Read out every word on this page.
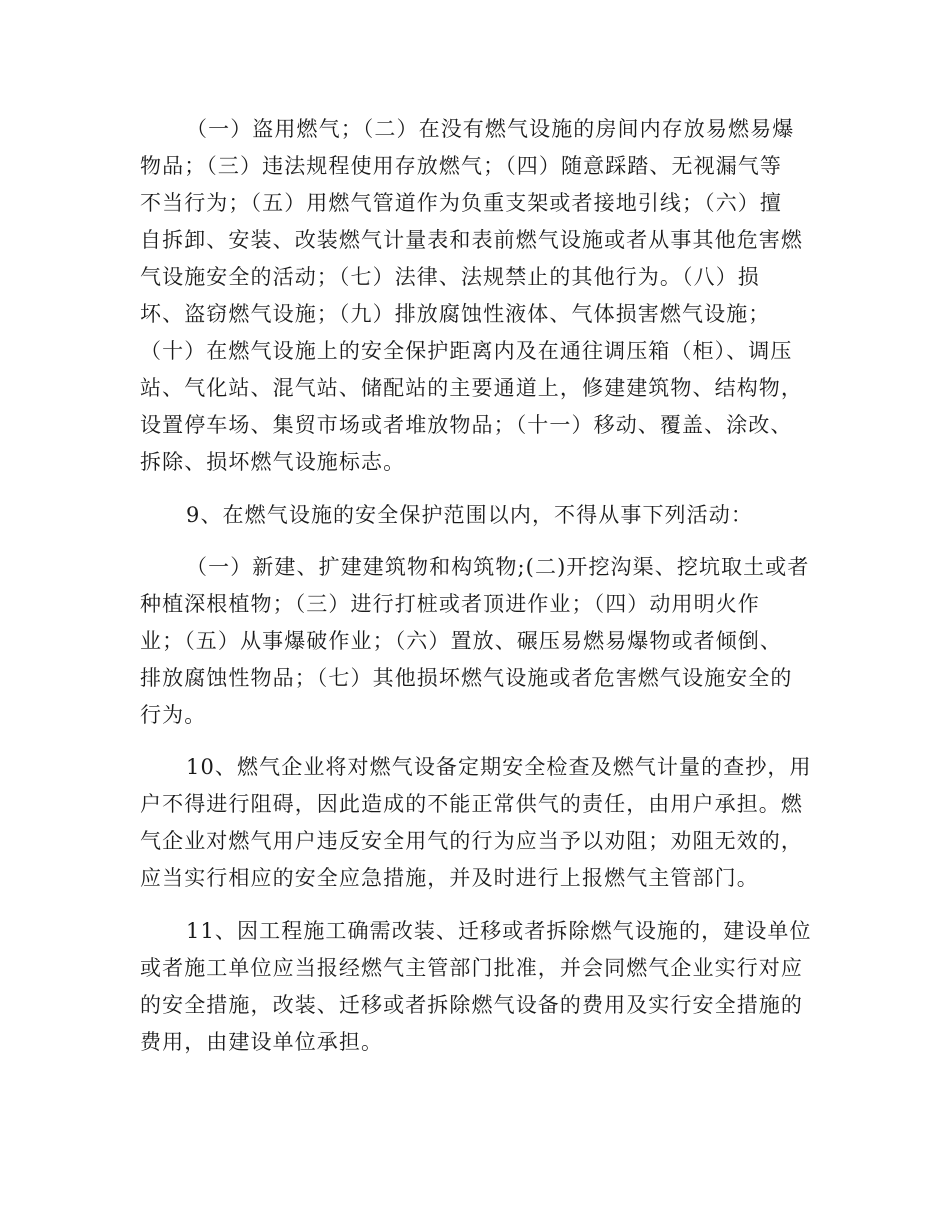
（一）盗用燃气；（二）在没有燃气设施的房间内存放易燃易爆

物品；（三）违法规程使用存放燃气；（四）随意踩踏、无视漏气等

不当行为；（五）用燃气管道作为负重支架或者接地引线；（六）擅

自拆卸、安装、改装燃气计量表和表前燃气设施或者从事其他危害燃

气设施安全的活动；（七）法律、法规禁止的其他行为。（八）损

坏、盗窃燃气设施；（九）排放腐蚀性液体、气体损害燃气设施；

（十）在燃气设施上的安全保护距离内及在通往调压箱（柜）、调压

站、气化站、混气站、储配站的主要通道上，修建建筑物、结构物，

设置停车场、集贸市场或者堆放物品；（十一）移动、覆盖、涂改、

拆除、损坏燃气设施标志。

9、在燃气设施的安全保护范围以内，不得从事下列活动：

（一）新建、扩建建筑物和构筑物;(二)开挖沟渠、挖坑取土或者

种植深根植物；（三）进行打桩或者顶进作业；（四）动用明火作

业；（五）从事爆破作业；（六）置放、碾压易燃易爆物或者倾倒、

排放腐蚀性物品；（七）其他损坏燃气设施或者危害燃气设施安全的

行为。

10、燃气企业将对燃气设备定期安全检查及燃气计量的查抄，用

户不得进行阻碍，因此造成的不能正常供气的责任，由用户承担。燃

气企业对燃气用户违反安全用气的行为应当予以劝阻；劝阻无效的，

应当实行相应的安全应急措施，并及时进行上报燃气主管部门。

11、因工程施工确需改装、迁移或者拆除燃气设施的，建设单位

或者施工单位应当报经燃气主管部门批准，并会同燃气企业实行对应

的安全措施，改装、迁移或者拆除燃气设备的费用及实行安全措施的

费用，由建设单位承担。
